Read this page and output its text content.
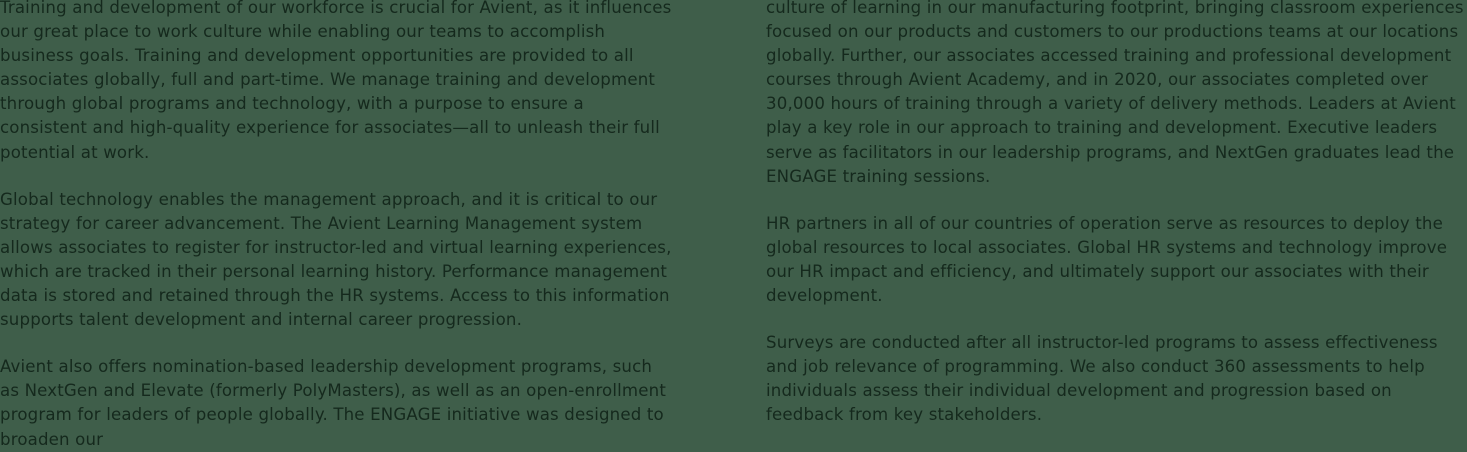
Training and development of our workforce is crucial for Avient, as it influences our great place to work culture while enabling our teams to accomplish business goals. Training and development opportunities are provided to all associates globally, full and part-time. We manage training and development through global programs and technology, with a purpose to ensure a consistent and high-quality experience for associates—all to unleash their full potential at work.

Global technology enables the management approach, and it is critical to our strategy for career advancement. The Avient Learning Management system allows associates to register for instructor-led and virtual learning experiences, which are tracked in their personal learning history. Performance management data is stored and retained through the HR systems. Access to this information supports talent development and internal career progression.

Avient also offers nomination-based leadership development programs, such as NextGen and Elevate (formerly PolyMasters), as well as an open-enrollment program for leaders of people globally. The ENGAGE initiative was designed to broaden our

culture of learning in our manufacturing footprint, bringing classroom experiences focused on our products and customers to our productions teams at our locations globally. Further, our associates accessed training and professional development courses through Avient Academy, and in 2020, our associates completed over 30,000 hours of training through a variety of delivery methods. Leaders at Avient play a key role in our approach to training and development. Executive leaders serve as facilitators in our leadership programs, and NextGen graduates lead the ENGAGE training sessions.

HR partners in all of our countries of operation serve as resources to deploy the global resources to local associates. Global HR systems and technology improve our HR impact and efficiency, and ultimately support our associates with their development.

Surveys are conducted after all instructor-led programs to assess effectiveness and job relevance of programming. We also conduct 360 assessments to help individuals assess their individual development and progression based on feedback from key stakeholders.
